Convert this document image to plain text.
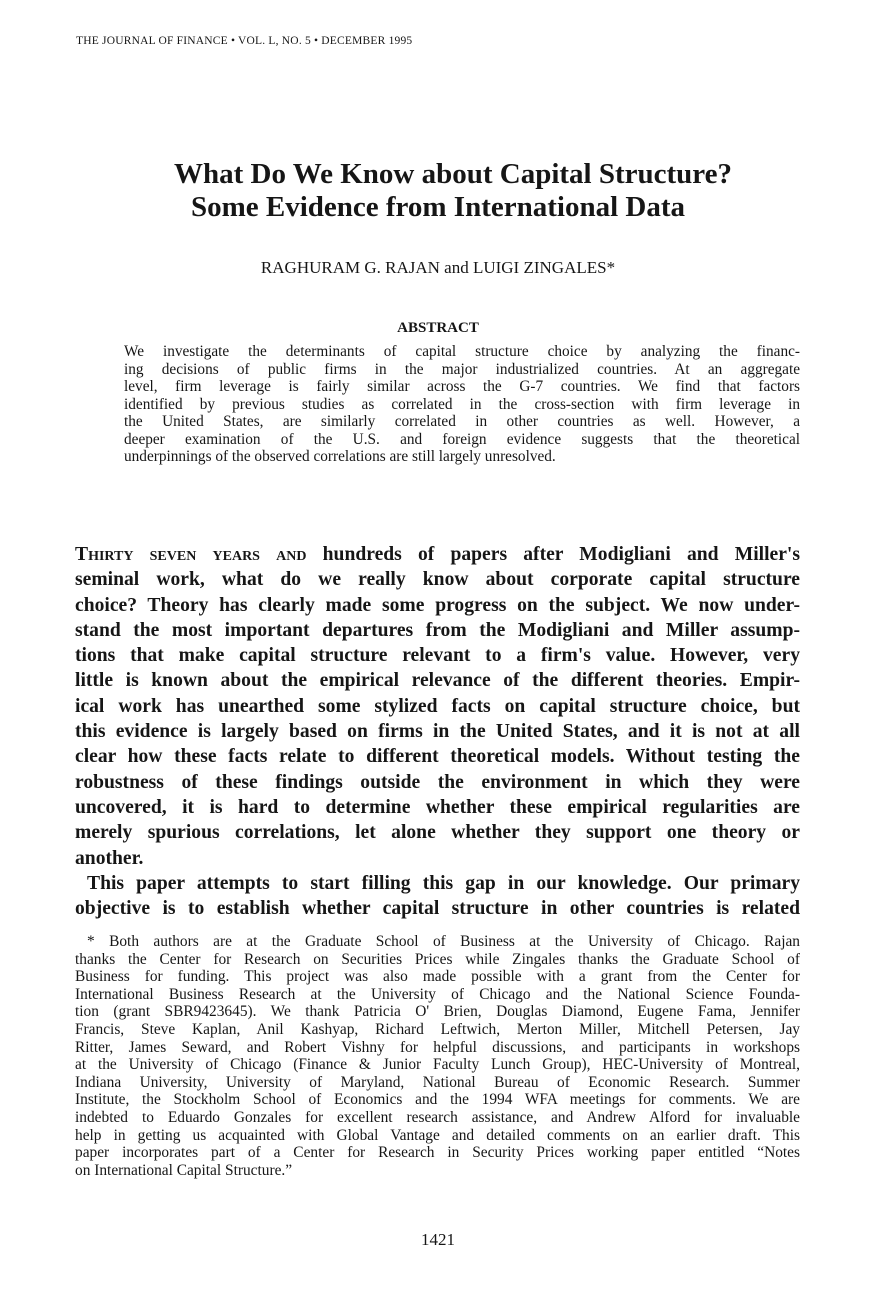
THE JOURNAL OF FINANCE • VOL. L, NO. 5 • DECEMBER 1995
What Do We Know about Capital Structure?
Some Evidence from International Data
RAGHURAM G. RAJAN and LUIGI ZINGALES*
ABSTRACT
We investigate the determinants of capital structure choice by analyzing the financ-
ing decisions of public firms in the major industrialized countries. At an aggregate
level, firm leverage is fairly similar across the G-7 countries. We find that factors
identified by previous studies as correlated in the cross-section with firm leverage in
the United States, are similarly correlated in other countries as well. However, a
deeper examination of the U.S. and foreign evidence suggests that the theoretical
underpinnings of the observed correlations are still largely unresolved.
Thirty seven years and hundreds of papers after Modigliani and Miller's
seminal work, what do we really know about corporate capital structure
choice? Theory has clearly made some progress on the subject. We now under-
stand the most important departures from the Modigliani and Miller assump-
tions that make capital structure relevant to a firm's value. However, very
little is known about the empirical relevance of the different theories. Empir-
ical work has unearthed some stylized facts on capital structure choice, but
this evidence is largely based on firms in the United States, and it is not at all
clear how these facts relate to different theoretical models. Without testing the
robustness of these findings outside the environment in which they were
uncovered, it is hard to determine whether these empirical regularities are
merely spurious correlations, let alone whether they support one theory or
another.
This paper attempts to start filling this gap in our knowledge. Our primary
objective is to establish whether capital structure in other countries is related
* Both authors are at the Graduate School of Business at the University of Chicago. Rajan
thanks the Center for Research on Securities Prices while Zingales thanks the Graduate School of
Business for funding. This project was also made possible with a grant from the Center for
International Business Research at the University of Chicago and the National Science Founda-
tion (grant SBR9423645). We thank Patricia O' Brien, Douglas Diamond, Eugene Fama, Jennifer
Francis, Steve Kaplan, Anil Kashyap, Richard Leftwich, Merton Miller, Mitchell Petersen, Jay
Ritter, James Seward, and Robert Vishny for helpful discussions, and participants in workshops
at the University of Chicago (Finance & Junior Faculty Lunch Group), HEC-University of Montreal,
Indiana University, University of Maryland, National Bureau of Economic Research. Summer
Institute, the Stockholm School of Economics and the 1994 WFA meetings for comments. We are
indebted to Eduardo Gonzales for excellent research assistance, and Andrew Alford for invaluable
help in getting us acquainted with Global Vantage and detailed comments on an earlier draft. This
paper incorporates part of a Center for Research in Security Prices working paper entitled “Notes
on International Capital Structure.”
1421
